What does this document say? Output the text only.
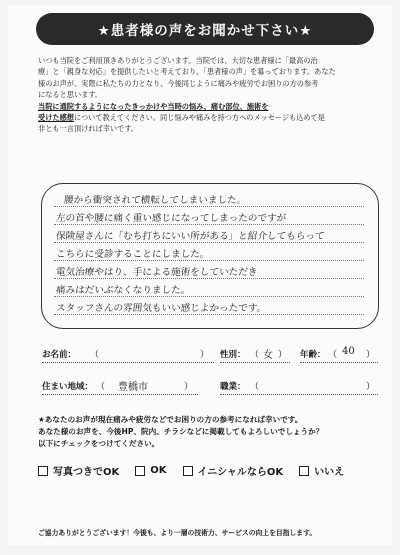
★患者様の声をお聞かせ下さい★
いつも当院をご利用頂きありがとうございます。当院では、大切な患者様に「最高の治
療」と「親身な対応」を提供したいと考えており、「患者様の声」を募っております。あなた
様のお声が、実際に私たちの力となり、今後同じように痛みや疲労でお困りの方の参考
になると思います。
当院に通院するようになったきっかけや当時の悩み、痛む部位、施術を
受けた感想について教えてください。同じ悩みや痛みを持つ方へのメッセージも込めて是
非とも一言頂ければ幸いです。
腰から衝突されて横転してしまいました。
左の首や腰に痛く重い感じになってしまったのですが
保険屋さんに「むち打ちにいい所がある」と紹介してもらって
こちらに受診することにしました。
電気治療やはり、手による施術をしていただき
痛みはだいぶなくなりました。
スタッフさんの雰囲気もいい感じよかったです。
お名前： （	） 性別： （ 女 ） 年齢： （ 40 ）
住まい地域： （ 豊橋市	）	職業： （	）
★あなたのお声が現在痛みや疲労などでお困りの方の参考になれば幸いです。
あなた様のお声を、今後HP、院内、チラシなどに掲載してもよろしいでしょうか？
以下にチェックをつけてください。
写真つきでOK	OK	イニシャルならOK	いいえ
ご協力ありがとうございます！今後も、より一層の技術力、サービスの向上を目指します。
